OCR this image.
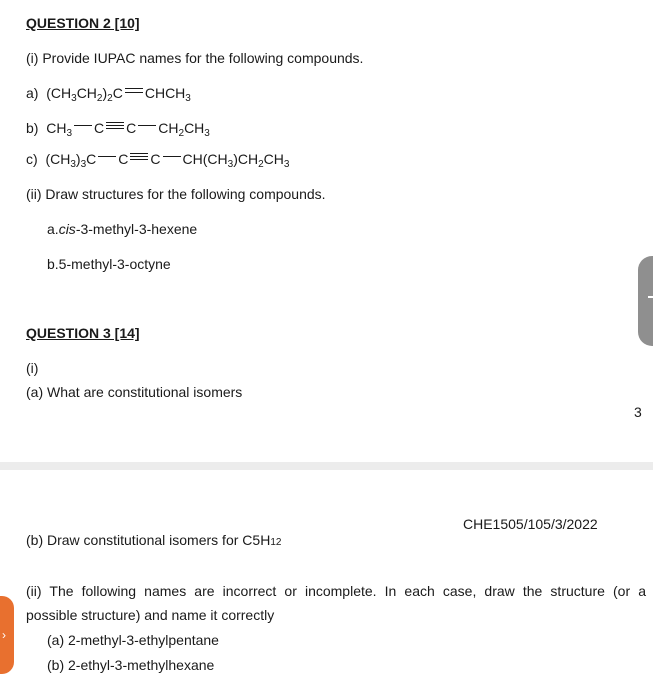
QUESTION 2 [10]
(i) Provide IUPAC names for the following compounds.
a)  $(CH_3CH_2)_2C$ $CHCH_3$
b)  $CH_3$ C C $CH_2CH_3$
c)  $(CH_3)_3C$ C C $CH(CH_3)CH_2CH_3$
(ii) Draw structures for the following compounds.
a.cis-3-methyl-3-hexene
b.5-methyl-3-octyne
QUESTION 3 [14]
(i)
(a) What are constitutional isomers
3
CHE1505/105/3/2022
(b) Draw constitutional isomers for C5H12
(ii) The following names are incorrect or incomplete. In each case, draw the structure (or a
possible structure) and name it correctly
(a) 2-methyl-3-ethylpentane
(b) 2-ethyl-3-methylhexane
›
